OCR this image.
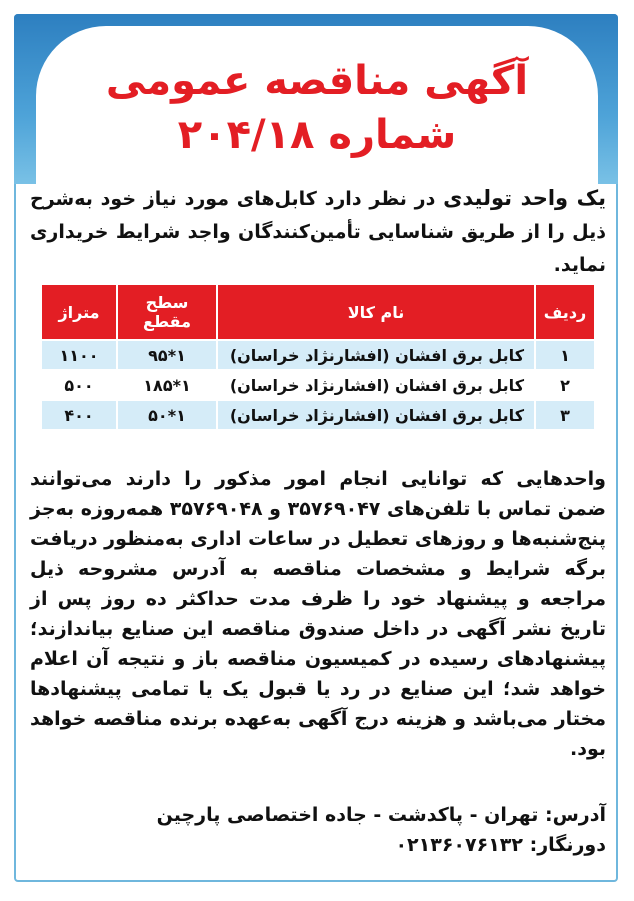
آگهی مناقصه عمومی
شماره ۲۰۴/۱۸
یک واحد تولیدی در نظر دارد کابل‌های مورد نیاز خود به‌شرح ذیل را از طریق شناسایی تأمین‌کنندگان واجد شرایط خریداری نماید.
ردیف	نام کالا	سطح مقطع	متراژ
۱	کابل برق افشان (افشارنژاد خراسان)	۱*۹۵	۱۱۰۰
۲	کابل برق افشان (افشارنژاد خراسان)	۱*۱۸۵	۵۰۰
۳	کابل برق افشان (افشارنژاد خراسان)	۱*۵۰	۴۰۰
واحدهایی که توانایی انجام امور مذکور را دارند می‌توانند ضمن تماس با تلفن‌های ۳۵۷۶۹۰۴۷ و ۳۵۷۶۹۰۴۸ همه‌روزه به‌جز پنج‌شنبه‌ها و روزهای تعطیل در ساعات اداری به‌منظور دریافت برگه شرایط و مشخصات مناقصه به آدرس مشروحه ذیل مراجعه و پیشنهاد خود را ظرف مدت حداکثر ده روز پس از تاریخ نشر آگهی در داخل صندوق مناقصه این صنایع بیاندازند؛ پیشنهادهای رسیده در کمیسیون مناقصه باز و نتیجه آن اعلام خواهد شد؛ این صنایع در رد یا قبول یک یا تمامی پیشنهادها مختار می‌باشد و هزینه درج آگهی به‌عهده برنده مناقصه خواهد بود.
آدرس: تهران - پاکدشت - جاده اختصاصی پارچین
دورنگار: ۰۲۱۳۶۰۷۶۱۳۲
